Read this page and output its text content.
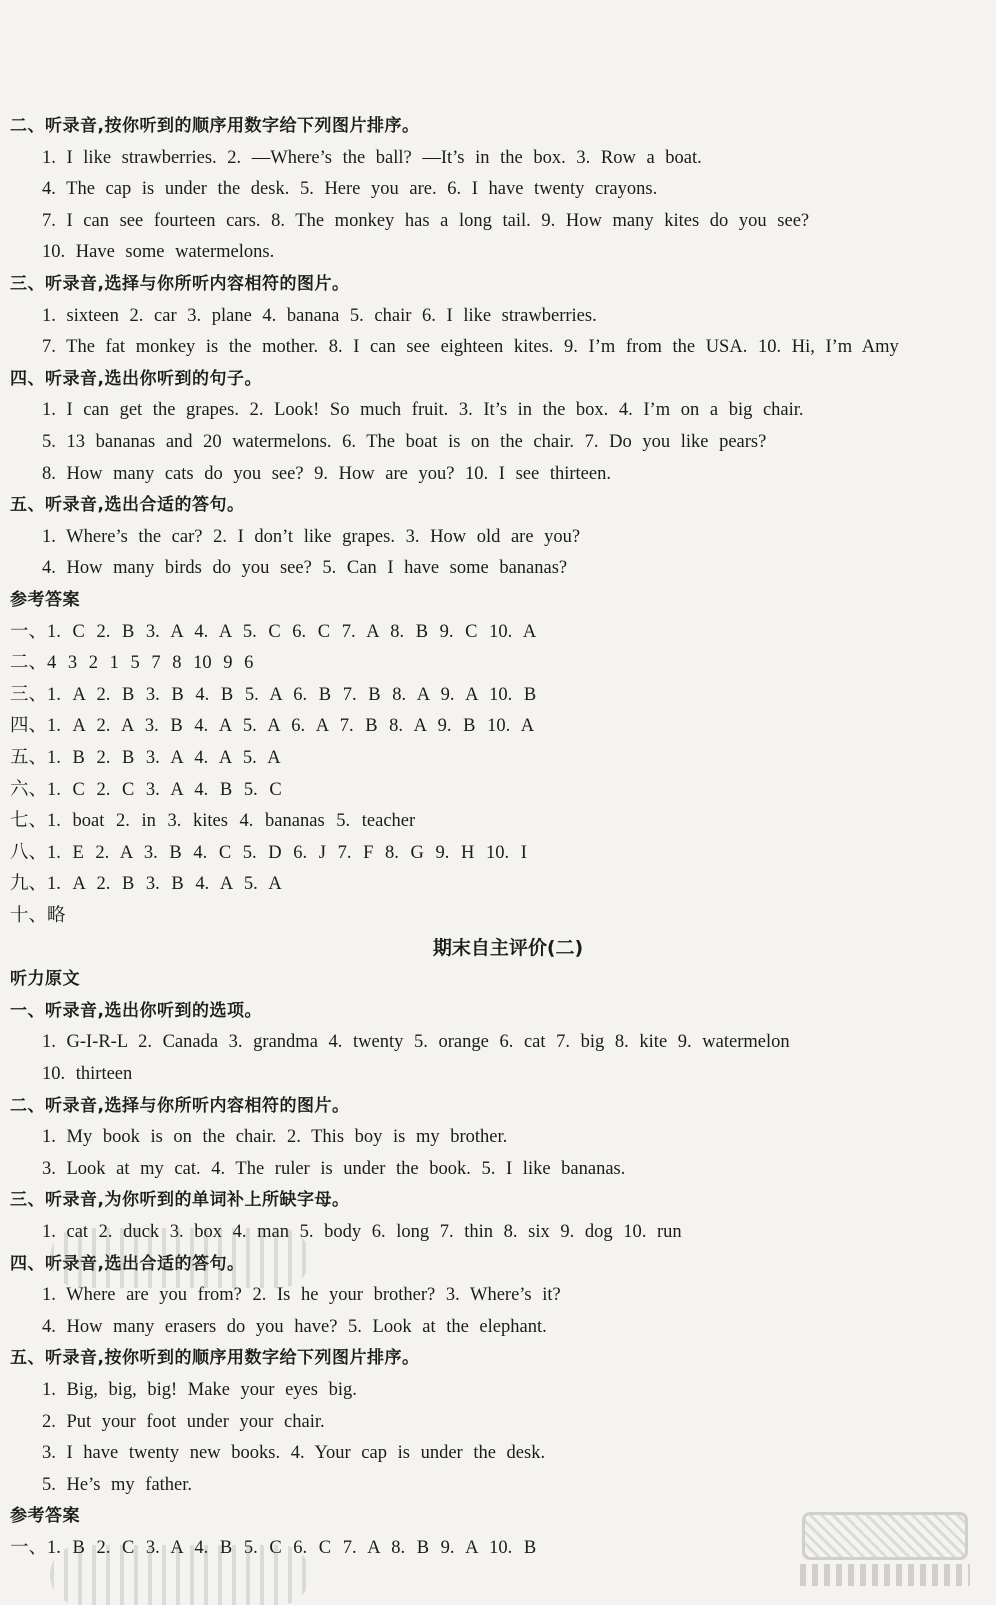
二、听录音,按你听到的顺序用数字给下列图片排序。
1. I like strawberries. 2. —Where’s the ball? —It’s in the box. 3. Row a boat.
4. The cap is under the desk. 5. Here you are. 6. I have twenty crayons.
7. I can see fourteen cars. 8. The monkey has a long tail. 9. How many kites do you see?
10. Have some watermelons.
三、听录音,选择与你所听内容相符的图片。
1. sixteen 2. car 3. plane 4. banana 5. chair 6. I like strawberries.
7. The fat monkey is the mother. 8. I can see eighteen kites. 9. I’m from the USA. 10. Hi, I’m Amy
四、听录音,选出你听到的句子。
1. I can get the grapes. 2. Look! So much fruit. 3. It’s in the box. 4. I’m on a big chair.
5. 13 bananas and 20 watermelons. 6. The boat is on the chair. 7. Do you like pears?
8. How many cats do you see? 9. How are you? 10. I see thirteen.
五、听录音,选出合适的答句。
1. Where’s the car? 2. I don’t like grapes. 3. How old are you?
4. How many birds do you see? 5. Can I have some bananas?
参考答案
一、1. C 2. B 3. A 4. A 5. C 6. C 7. A 8. B 9. C 10. A
二、4 3 2 1 5 7 8 10 9 6
三、1. A 2. B 3. B 4. B 5. A 6. B 7. B 8. A 9. A 10. B
四、1. A 2. A 3. B 4. A 5. A 6. A 7. B 8. A 9. B 10. A
五、1. B 2. B 3. A 4. A 5. A
六、1. C 2. C 3. A 4. B 5. C
七、1. boat 2. in 3. kites 4. bananas 5. teacher
八、1. E 2. A 3. B 4. C 5. D 6. J 7. F 8. G 9. H 10. I
九、1. A 2. B 3. B 4. A 5. A
十、略
期末自主评价(二)
听力原文
一、听录音,选出你听到的选项。
1. G-I-R-L 2. Canada 3. grandma 4. twenty 5. orange 6. cat 7. big 8. kite 9. watermelon
10. thirteen
二、听录音,选择与你所听内容相符的图片。
1. My book is on the chair. 2. This boy is my brother.
3. Look at my cat. 4. The ruler is under the book. 5. I like bananas.
三、听录音,为你听到的单词补上所缺字母。
1. cat 2. duck 3. box 4. man 5. body 6. long 7. thin 8. six 9. dog 10. run
四、听录音,选出合适的答句。
1. Where are you from? 2. Is he your brother? 3. Where’s it?
4. How many erasers do you have? 5. Look at the elephant.
五、听录音,按你听到的顺序用数字给下列图片排序。
1. Big, big, big! Make your eyes big.
2. Put your foot under your chair.
3. I have twenty new books. 4. Your cap is under the desk.
5. He’s my father.
参考答案
一、1. B 2. C 3. A 4. B 5. C 6. C 7. A 8. B 9. A 10. B
